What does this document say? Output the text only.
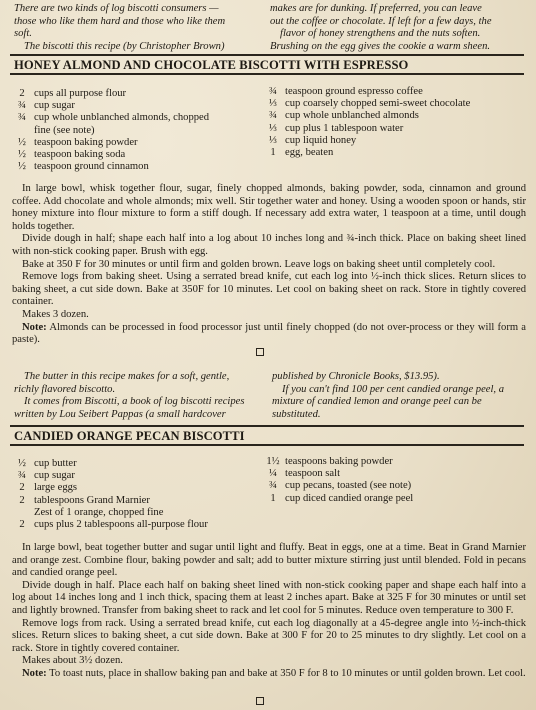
There are two kinds of log biscotti consumers —
those who like them hard and those who like them
soft.
The biscotti this recipe (by Christopher Brown)
makes are for dunking. If preferred, you can leave
out the coffee or chocolate. If left for a few days, the
flavor of honey strengthens and the nuts soften.
Brushing on the egg gives the cookie a warm sheen.
HONEY ALMOND AND CHOCOLATE BISCOTTI WITH ESPRESSO
2 cups all purpose flour
¾ cup sugar
¾ cup whole unblanched almonds, chopped
fine (see note)
½ teaspoon baking powder
½ teaspoon baking soda
½ teaspoon ground cinnamon
¾ teaspoon ground espresso coffee
⅓ cup coarsely chopped semi-sweet chocolate
¾ cup whole unblanched almonds
⅓ cup plus 1 tablespoon water
⅓ cup liquid honey
1 egg, beaten

In large bowl, whisk together flour, sugar, finely chopped almonds, baking powder, soda, cinnamon and ground coffee. Add chocolate and whole almonds; mix well. Stir together water and honey. Using a wooden spoon or hands, stir honey mixture into flour mixture to form a stiff dough. If necessary add extra water, 1 teaspoon at a time, until dough holds together.

Divide dough in half; shape each half into a log about 10 inches long and ¾-inch thick. Place on baking sheet lined with non-stick cooking paper. Brush with egg.

Bake at 350 F for 30 minutes or until firm and golden brown. Leave logs on baking sheet until completely cool.

Remove logs from baking sheet. Using a serrated bread knife, cut each log into ½-inch thick slices. Return slices to baking sheet, a cut side down. Bake at 350F for 10 minutes. Let cool on baking sheet on rack. Store in tightly covered container.

Makes 3 dozen.

Note: Almonds can be processed in food processor just until finely chopped (do not over-process or they will form a paste).

The butter in this recipe makes for a soft, gentle,
richly flavored biscotto.
It comes from Biscotti, a book of log biscotti recipes
written by Lou Seibert Pappas (a small hardcover
published by Chronicle Books, $13.95).
If you can't find 100 per cent candied orange peel, a
mixture of candied lemon and orange peel can be
substituted.
CANDIED ORANGE PECAN BISCOTTI
½ cup butter
¾ cup sugar
2 large eggs
2 tablespoons Grand Marnier
Zest of 1 orange, chopped fine
2 cups plus 2 tablespoons all-purpose flour
1½ teaspoons baking powder
¼ teaspoon salt
¾ cup pecans, toasted (see note)
1 cup diced candied orange peel

In large bowl, beat together butter and sugar until light and fluffy. Beat in eggs, one at a time. Beat in Grand Marnier and orange zest. Combine flour, baking powder and salt; add to butter mixture stirring just until blended. Fold in pecans and candied orange peel.

Divide dough in half. Place each half on baking sheet lined with non-stick cooking paper and shape each half into a log about 14 inches long and 1 inch thick, spacing them at least 2 inches apart. Bake at 325 F for 30 minutes or until set and lightly browned. Transfer from baking sheet to rack and let cool for 5 minutes. Reduce oven temperature to 300 F.

Remove logs from rack. Using a serrated bread knife, cut each log diagonally at a 45-degree angle into ½-inch-thick slices. Return slices to baking sheet, a cut side down. Bake at 300 F for 20 to 25 minutes to dry slightly. Let cool on a rack. Store in tightly covered container.

Makes about 3½ dozen.

Note: To toast nuts, place in shallow baking pan and bake at 350 F for 8 to 10 minutes or until golden brown. Let cool.
